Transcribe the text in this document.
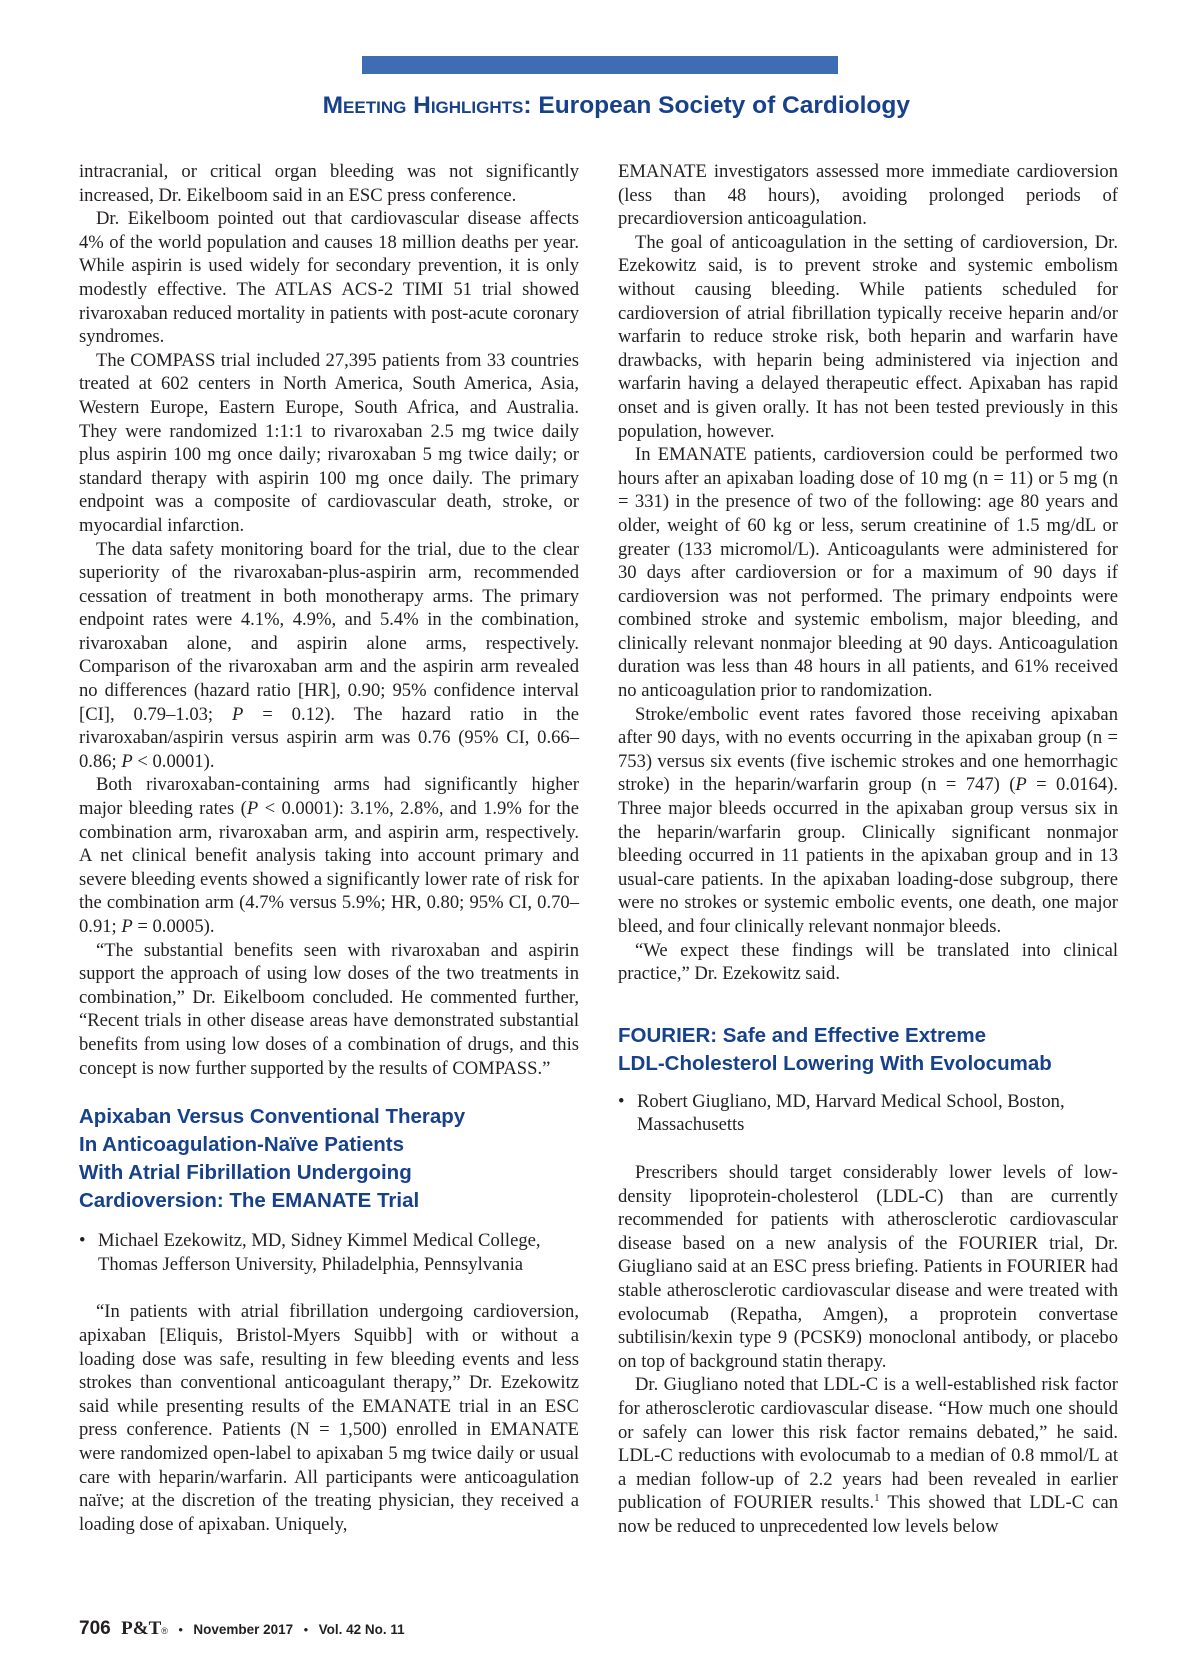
Meeting Highlights: European Society of Cardiology

intracranial, or critical organ bleeding was not significantly increased, Dr. Eikelboom said in an ESC press conference.

Dr. Eikelboom pointed out that cardiovascular disease affects 4% of the world population and causes 18 million deaths per year. While aspirin is used widely for secondary prevention, it is only modestly effective. The ATLAS ACS-2 TIMI 51 trial showed rivaroxaban reduced mortality in patients with post-acute coronary syndromes.

The COMPASS trial included 27,395 patients from 33 countries treated at 602 centers in North America, South America, Asia, Western Europe, Eastern Europe, South Africa, and Australia. They were randomized 1:1:1 to rivaroxaban 2.5 mg twice daily plus aspirin 100 mg once daily; rivaroxaban 5 mg twice daily; or standard therapy with aspirin 100 mg once daily. The primary endpoint was a composite of cardiovascular death, stroke, or myocardial infarction.

The data safety monitoring board for the trial, due to the clear superiority of the rivaroxaban-plus-aspirin arm, recommended cessation of treatment in both monotherapy arms. The primary endpoint rates were 4.1%, 4.9%, and 5.4% in the combination, rivaroxaban alone, and aspirin alone arms, respectively. Comparison of the rivaroxaban arm and the aspirin arm revealed no differences (hazard ratio [HR], 0.90; 95% confidence interval [CI], 0.79–1.03; P = 0.12). The hazard ratio in the rivaroxaban/aspirin versus aspirin arm was 0.76 (95% CI, 0.66–0.86; P < 0.0001).

Both rivaroxaban-containing arms had significantly higher major bleeding rates (P < 0.0001): 3.1%, 2.8%, and 1.9% for the combination arm, rivaroxaban arm, and aspirin arm, respectively. A net clinical benefit analysis taking into account primary and severe bleeding events showed a significantly lower rate of risk for the combination arm (4.7% versus 5.9%; HR, 0.80; 95% CI, 0.70–0.91; P = 0.0005).

“The substantial benefits seen with rivaroxaban and aspirin support the approach of using low doses of the two treatments in combination,” Dr. Eikelboom concluded. He commented further, “Recent trials in other disease areas have demonstrated substantial benefits from using low doses of a combination of drugs, and this concept is now further supported by the results of COMPASS.”

Apixaban Versus Conventional Therapy
In Anticoagulation-Naïve Patients
With Atrial Fibrillation Undergoing
Cardioversion: The EMANATE Trial

• Michael Ezekowitz, MD, Sidney Kimmel Medical College, Thomas Jefferson University, Philadelphia, Pennsylvania

“In patients with atrial fibrillation undergoing cardioversion, apixaban [Eliquis, Bristol-Myers Squibb] with or without a loading dose was safe, resulting in few bleeding events and less strokes than conventional anticoagulant therapy,” Dr. Ezekowitz said while presenting results of the EMANATE trial in an ESC press conference. Patients (N = 1,500) enrolled in EMANATE were randomized open-label to apixaban 5 mg twice daily or usual care with heparin/warfarin. All participants were anticoagulation naïve; at the discretion of the treating physician, they received a loading dose of apixaban. Uniquely,

EMANATE investigators assessed more immediate cardioversion (less than 48 hours), avoiding prolonged periods of precardioversion anticoagulation.

The goal of anticoagulation in the setting of cardioversion, Dr. Ezekowitz said, is to prevent stroke and systemic embolism without causing bleeding. While patients scheduled for cardioversion of atrial fibrillation typically receive heparin and/or warfarin to reduce stroke risk, both heparin and warfarin have drawbacks, with heparin being administered via injection and warfarin having a delayed therapeutic effect. Apixaban has rapid onset and is given orally. It has not been tested previously in this population, however.

In EMANATE patients, cardioversion could be performed two hours after an apixaban loading dose of 10 mg (n = 11) or 5 mg (n = 331) in the presence of two of the following: age 80 years and older, weight of 60 kg or less, serum creatinine of 1.5 mg/dL or greater (133 micromol/L). Anticoagulants were administered for 30 days after cardioversion or for a maximum of 90 days if cardioversion was not performed. The primary endpoints were combined stroke and systemic embolism, major bleeding, and clinically relevant nonmajor bleeding at 90 days. Anticoagulation duration was less than 48 hours in all patients, and 61% received no anticoagulation prior to randomization.

Stroke/embolic event rates favored those receiving apixaban after 90 days, with no events occurring in the apixaban group (n = 753) versus six events (five ischemic strokes and one hemorrhagic stroke) in the heparin/warfarin group (n = 747) (P = 0.0164). Three major bleeds occurred in the apixaban group versus six in the heparin/warfarin group. Clinically significant nonmajor bleeding occurred in 11 patients in the apixaban group and in 13 usual-care patients. In the apixaban loading-dose subgroup, there were no strokes or systemic embolic events, one death, one major bleed, and four clinically relevant nonmajor bleeds.

“We expect these findings will be translated into clinical practice,” Dr. Ezekowitz said.

FOURIER: Safe and Effective Extreme
LDL-Cholesterol Lowering With Evolocumab

• Robert Giugliano, MD, Harvard Medical School, Boston, Massachusetts

Prescribers should target considerably lower levels of low-density lipoprotein-cholesterol (LDL-C) than are currently recommended for patients with atherosclerotic cardiovascular disease based on a new analysis of the FOURIER trial, Dr. Giugliano said at an ESC press briefing. Patients in FOURIER had stable atherosclerotic cardiovascular disease and were treated with evolocumab (Repatha, Amgen), a proprotein convertase subtilisin/kexin type 9 (PCSK9) monoclonal antibody, or placebo on top of background statin therapy.

Dr. Giugliano noted that LDL-C is a well-established risk factor for atherosclerotic cardiovascular disease. “How much one should or safely can lower this risk factor remains debated,” he said. LDL-C reductions with evolocumab to a median of 0.8 mmol/L at a median follow-up of 2.2 years had been revealed in earlier publication of FOURIER results.$^1$ This showed that LDL-C can now be reduced to unprecedented low levels below

706 P&T® • November 2017 • Vol. 42 No. 11
